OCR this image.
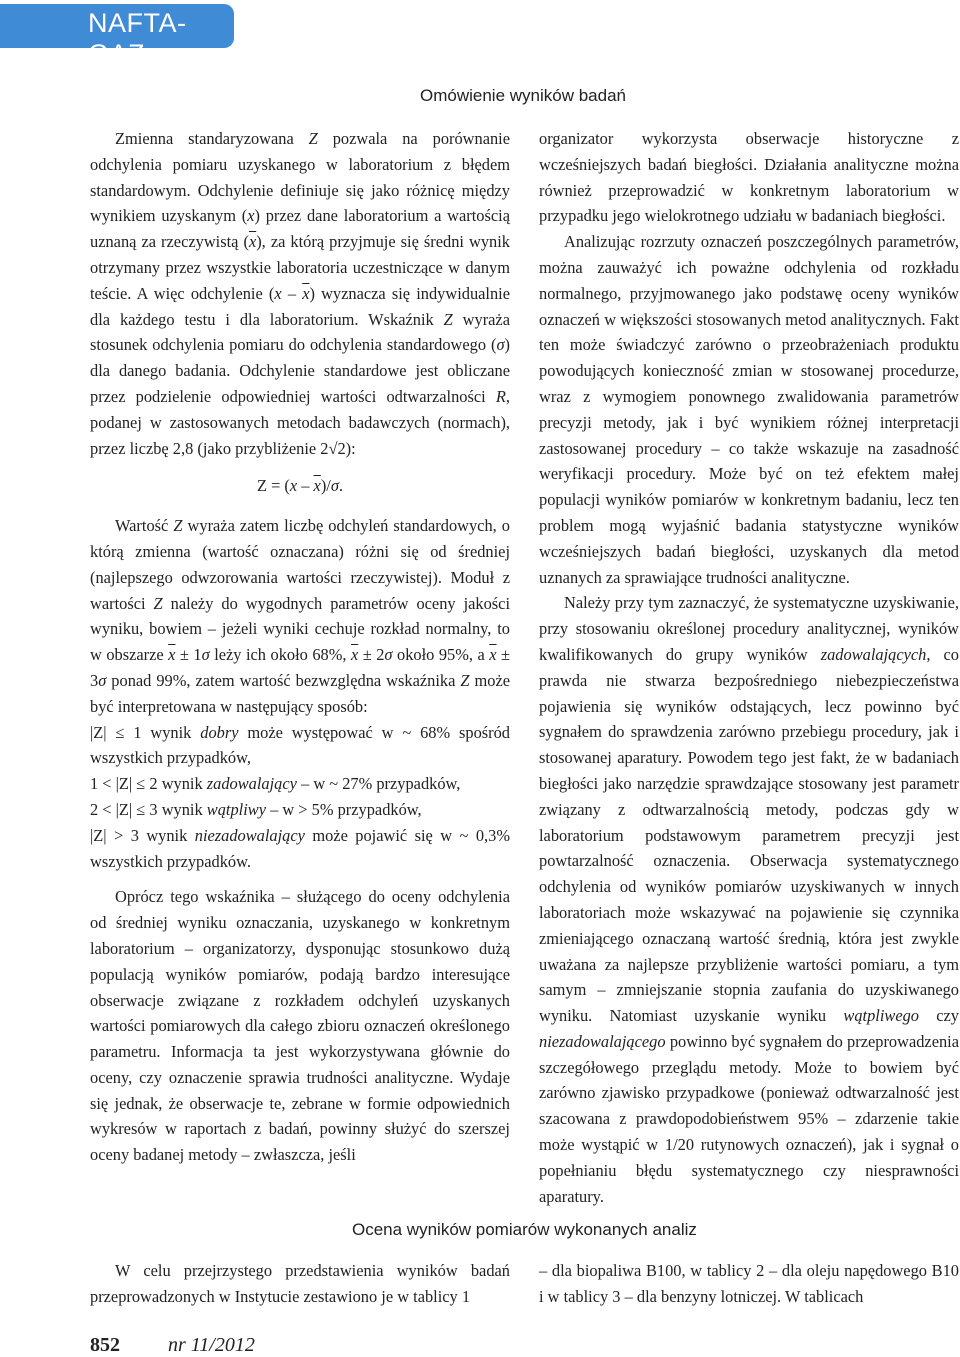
NAFTA-GAZ
Omówienie wyników badań

Zmienna standaryzowana Z pozwala na porównanie odchylenia pomiaru uzyskanego w laboratorium z błędem standardowym. Odchylenie definiuje się jako różnicę między wynikiem uzyskanym (x) przez dane laboratorium a wartością uznaną za rzeczywistą $(\overline{x})$, za którą przyjmuje się średni wynik otrzymany przez wszystkie laboratoria uczestniczące w danym teście. A więc odchylenie $(x - \overline{x})$ wyznacza się indywidualnie dla każdego testu i dla laboratorium. Wskaźnik Z wyraża stosunek odchylenia pomiaru do odchylenia standardowego (σ) dla danego badania. Odchylenie standardowe jest obliczane przez podzielenie odpowiedniej wartości odtwarzalności R, podanej w zastosowanych metodach badawczych (normach), przez liczbę 2,8 (jako przybliżenie 2√2):

$Z = (x - \overline{x})/\sigma$.

Wartość Z wyraża zatem liczbę odchyleń standardowych, o którą zmienna (wartość oznaczana) różni się od średniej (najlepszego odwzorowania wartości rzeczywistej). Moduł z wartości Z należy do wygodnych parametrów oceny jakości wyniku, bowiem – jeżeli wyniki cechuje rozkład normalny, to w obszarze $\overline{x} \pm 1\sigma$ leży ich około 68%, $\overline{x} \pm 2\sigma$ około 95%, a $\overline{x} \pm 3\sigma$ ponad 99%, zatem wartość bezwzględna wskaźnika Z może być interpretowana w następujący sposób:

|Z| ≤ 1 wynik dobry może występować w ~ 68% spośród wszystkich przypadków,

1 < |Z| ≤ 2 wynik zadowalający – w ~ 27% przypadków,

2 < |Z| ≤ 3 wynik wątpliwy – w > 5% przypadków,

|Z| > 3 wynik niezadowalający może pojawić się w ~ 0,3% wszystkich przypadków.

Oprócz tego wskaźnika – służącego do oceny odchylenia od średniej wyniku oznaczania, uzyskanego w konkretnym laboratorium – organizatorzy, dysponując stosunkowo dużą populacją wyników pomiarów, podają bardzo interesujące obserwacje związane z rozkładem odchyleń uzyskanych wartości pomiarowych dla całego zbioru oznaczeń określonego parametru. Informacja ta jest wykorzystywana głównie do oceny, czy oznaczenie sprawia trudności analityczne. Wydaje się jednak, że obserwacje te, zebrane w formie odpowiednich wykresów w raportach z badań, powinny służyć do szerszej oceny badanej metody – zwłaszcza, jeśli

organizator wykorzysta obserwacje historyczne z wcześniejszych badań biegłości. Działania analityczne można również przeprowadzić w konkretnym laboratorium w przypadku jego wielokrotnego udziału w badaniach biegłości.

Analizując rozrzuty oznaczeń poszczególnych parametrów, można zauważyć ich poważne odchylenia od rozkładu normalnego, przyjmowanego jako podstawę oceny wyników oznaczeń w większości stosowanych metod analitycznych. Fakt ten może świadczyć zarówno o przeobrażeniach produktu powodujących konieczność zmian w stosowanej procedurze, wraz z wymogiem ponownego zwalidowania parametrów precyzji metody, jak i być wynikiem różnej interpretacji zastosowanej procedury – co także wskazuje na zasadność weryfikacji procedury. Może być on też efektem małej populacji wyników pomiarów w konkretnym badaniu, lecz ten problem mogą wyjaśnić badania statystyczne wyników wcześniejszych badań biegłości, uzyskanych dla metod uznanych za sprawiające trudności analityczne.

Należy przy tym zaznaczyć, że systematyczne uzyskiwanie, przy stosowaniu określonej procedury analitycznej, wyników kwalifikowanych do grupy wyników zadowalających, co prawda nie stwarza bezpośredniego niebezpieczeństwa pojawienia się wyników odstających, lecz powinno być sygnałem do sprawdzenia zarówno przebiegu procedury, jak i stosowanej aparatury. Powodem tego jest fakt, że w badaniach biegłości jako narzędzie sprawdzające stosowany jest parametr związany z odtwarzalnością metody, podczas gdy w laboratorium podstawowym parametrem precyzji jest powtarzalność oznaczenia. Obserwacja systematycznego odchylenia od wyników pomiarów uzyskiwanych w innych laboratoriach może wskazywać na pojawienie się czynnika zmieniającego oznaczaną wartość średnią, która jest zwykle uważana za najlepsze przybliżenie wartości pomiaru, a tym samym – zmniejszanie stopnia zaufania do uzyskiwanego wyniku. Natomiast uzyskanie wyniku wątpliwego czy niezadowalającego powinno być sygnałem do przeprowadzenia szczegółowego przeglądu metody. Może to bowiem być zarówno zjawisko przypadkowe (ponieważ odtwarzalność jest szacowana z prawdopodobieństwem 95% – zdarzenie takie może wystąpić w 1/20 rutynowych oznaczeń), jak i sygnał o popełnianiu błędu systematycznego czy niesprawności aparatury.

Ocena wyników pomiarów wykonanych analiz

W celu przejrzystego przedstawienia wyników badań przeprowadzonych w Instytucie zestawiono je w tablicy 1

– dla biopaliwa B100, w tablicy 2 – dla oleju napędowego B10 i w tablicy 3 – dla benzyny lotniczej. W tablicach

852 nr 11/2012
